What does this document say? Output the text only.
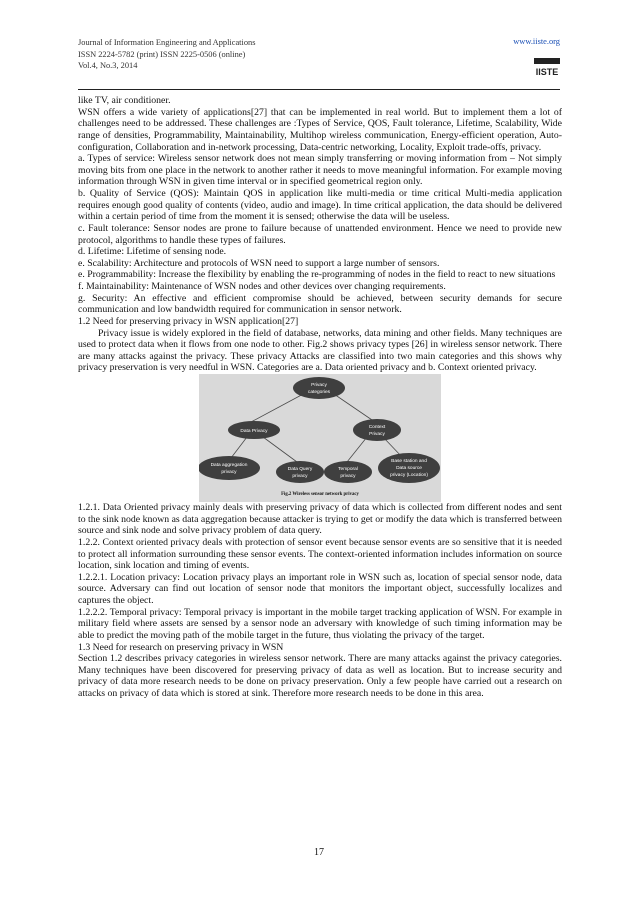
Journal of Information Engineering and Applications
ISSN 2224-5782 (print) ISSN 2225-0506 (online)
Vol.4, No.3, 2014
www.iiste.org
IISTE

like TV, air conditioner.

WSN offers a wide variety of applications[27] that can be implemented in real world. But to implement them a lot of challenges need to be addressed. These challenges are :Types of Service, QOS, Fault tolerance, Lifetime, Scalability, Wide range of densities, Programmability, Maintainability, Multihop wireless communication, Energy-efficient operation, Auto-configuration, Collaboration and in-network processing, Data-centric networking, Locality, Exploit trade-offs, privacy.

a. Types of service: Wireless sensor network does not mean simply transferring or moving information from – Not simply moving bits from one place in the network to another rather it needs to move meaningful information. For example moving information through WSN in given time interval or in specified geometrical region only.

b. Quality of Service (QOS): Maintain QOS in application like multi-media or time critical Multi-media application requires enough good quality of contents (video, audio and image). In time critical application, the data should be delivered within a certain period of time from the moment it is sensed; otherwise the data will be useless.

c. Fault tolerance: Sensor nodes are prone to failure because of unattended environment. Hence we need to provide new protocol, algorithms to handle these types of failures.

d. Lifetime: Lifetime of sensing node.

e. Scalability: Architecture and protocols of WSN need to support a large number of sensors.

e. Programmability: Increase the flexibility by enabling the re-programming of nodes in the field to react to new situations

f. Maintainability: Maintenance of WSN nodes and other devices over changing requirements.

g. Security: An effective and efficient compromise should be achieved, between security demands for secure communication and low bandwidth required for communication in sensor network.

1.2 Need for preserving privacy in WSN application[27]

Privacy issue is widely explored in the field of database, networks, data mining and other fields. Many techniques are used to protect data when it flows from one node to other. Fig.2 shows privacy types [26] in wireless sensor network. There are many attacks against the privacy. These privacy Attacks are classified into two main categories and this shows why privacy preservation is very needful in WSN. Categories are a. Data oriented privacy and b. Context oriented privacy.

Privacy
categories
Data Privacy
Context
Privacy
Data aggregation
privacy
Data Query
privacy
Temporal
privacy
Base station and
Data source
privacy (Location)
Fig.2 Wireless sensor network privacy

1.2.1. Data Oriented privacy mainly deals with preserving privacy of data which is collected from different nodes and sent to the sink node known as data aggregation because attacker is trying to get or modify the data which is transferred between source and sink node and solve privacy problem of data query.

1.2.2. Context oriented privacy deals with protection of sensor event because sensor events are so sensitive that it is needed to protect all information surrounding these sensor events. The context-oriented information includes information on source location, sink location and timing of events.

1.2.2.1. Location privacy: Location privacy plays an important role in WSN such as, location of special sensor node, data source. Adversary can find out location of sensor node that monitors the important object, successfully localizes and captures the object.

1.2.2.2. Temporal privacy: Temporal privacy is important in the mobile target tracking application of WSN. For example in military field where assets are sensed by a sensor node an adversary with knowledge of such timing information may be able to predict the moving path of the mobile target in the future, thus violating the privacy of the target.

1.3 Need for research on preserving privacy in WSN

Section 1.2 describes privacy categories in wireless sensor network. There are many attacks against the privacy categories. Many techniques have been discovered for preserving privacy of data as well as location. But to increase security and privacy of data more research needs to be done on privacy preservation. Only a few people have carried out a research on attacks on privacy of data which is stored at sink. Therefore more research needs to be done in this area.

17
